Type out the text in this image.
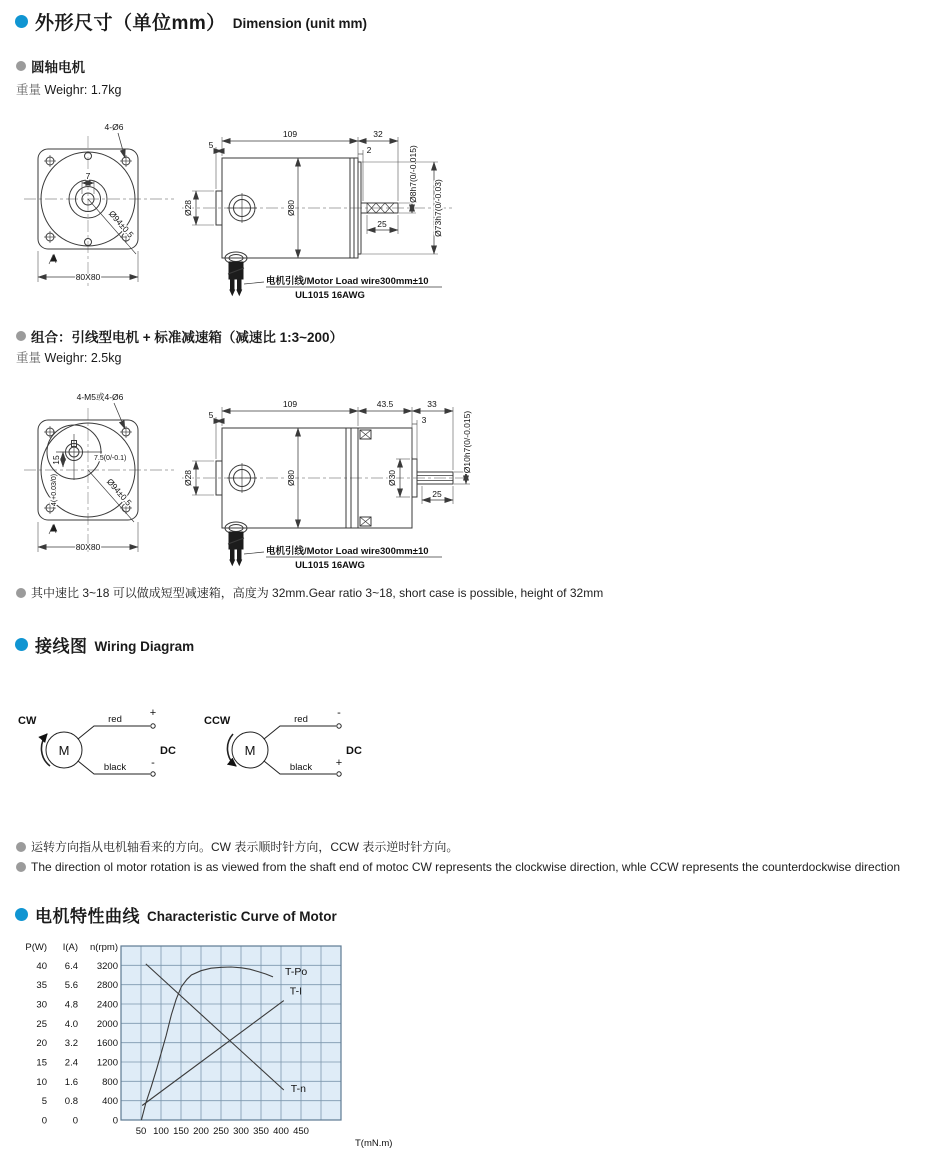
外形尺寸（单位mm） Dimension (unit mm)
圆轴电机
重量 Weighr: 1.7kg
7
4-Ø6
Ø94±0.5
80X80
109	32
5	2
25
Ø8h7(0/-0.015)
Ø73h7(0/-0.03)
Ø80
Ø28
电机引线/Motor Load wire300mm±10
UL1015 16AWG
组合：引线型电机 + 标准减速箱（减速比 1:3~200）
重量 Weighr: 2.5kg
4-M5或4-Ø6
15	7.5(0/-0.1)
4(+0.03/0)	Ø94±0.5
80X80
109	43.5	33
5	3
25
Ø30
Ø10h7(0/-0.015)
Ø80
Ø28
电机引线/Motor Load wire300mm±10
UL1015 16AWG
其中速比 3~18 可以做成短型减速箱，高度为 32mm.Gear ratio 3~18, short case is possible, height of 32mm
接线图 Wiring Diagram
CW
M
red
+
black -
DC
CCW
M
red
-
black +
DC
运转方向指从电机轴看来的方向。CW 表示顺时针方向，CCW 表示逆时针方向。
The direction ol motor rotation is as viewed from the shaft end of motoc CW represents the clockwise direction, whle CCW represents the counterdockwise direction
电机特性曲线 Characteristic Curve of Motor
50 100 150 200 250 300 350 400 450
T(mN.m)
P(W)
40
35
30
25
20
15
10
5
0
I(A)
6.4
5.6
4.8
4.0
3.2
2.4
1.6
0.8
0
n(rpm)
3200
2800
2400
2000
1600
1200
800
400
0
T-Po
T-I
T-n
